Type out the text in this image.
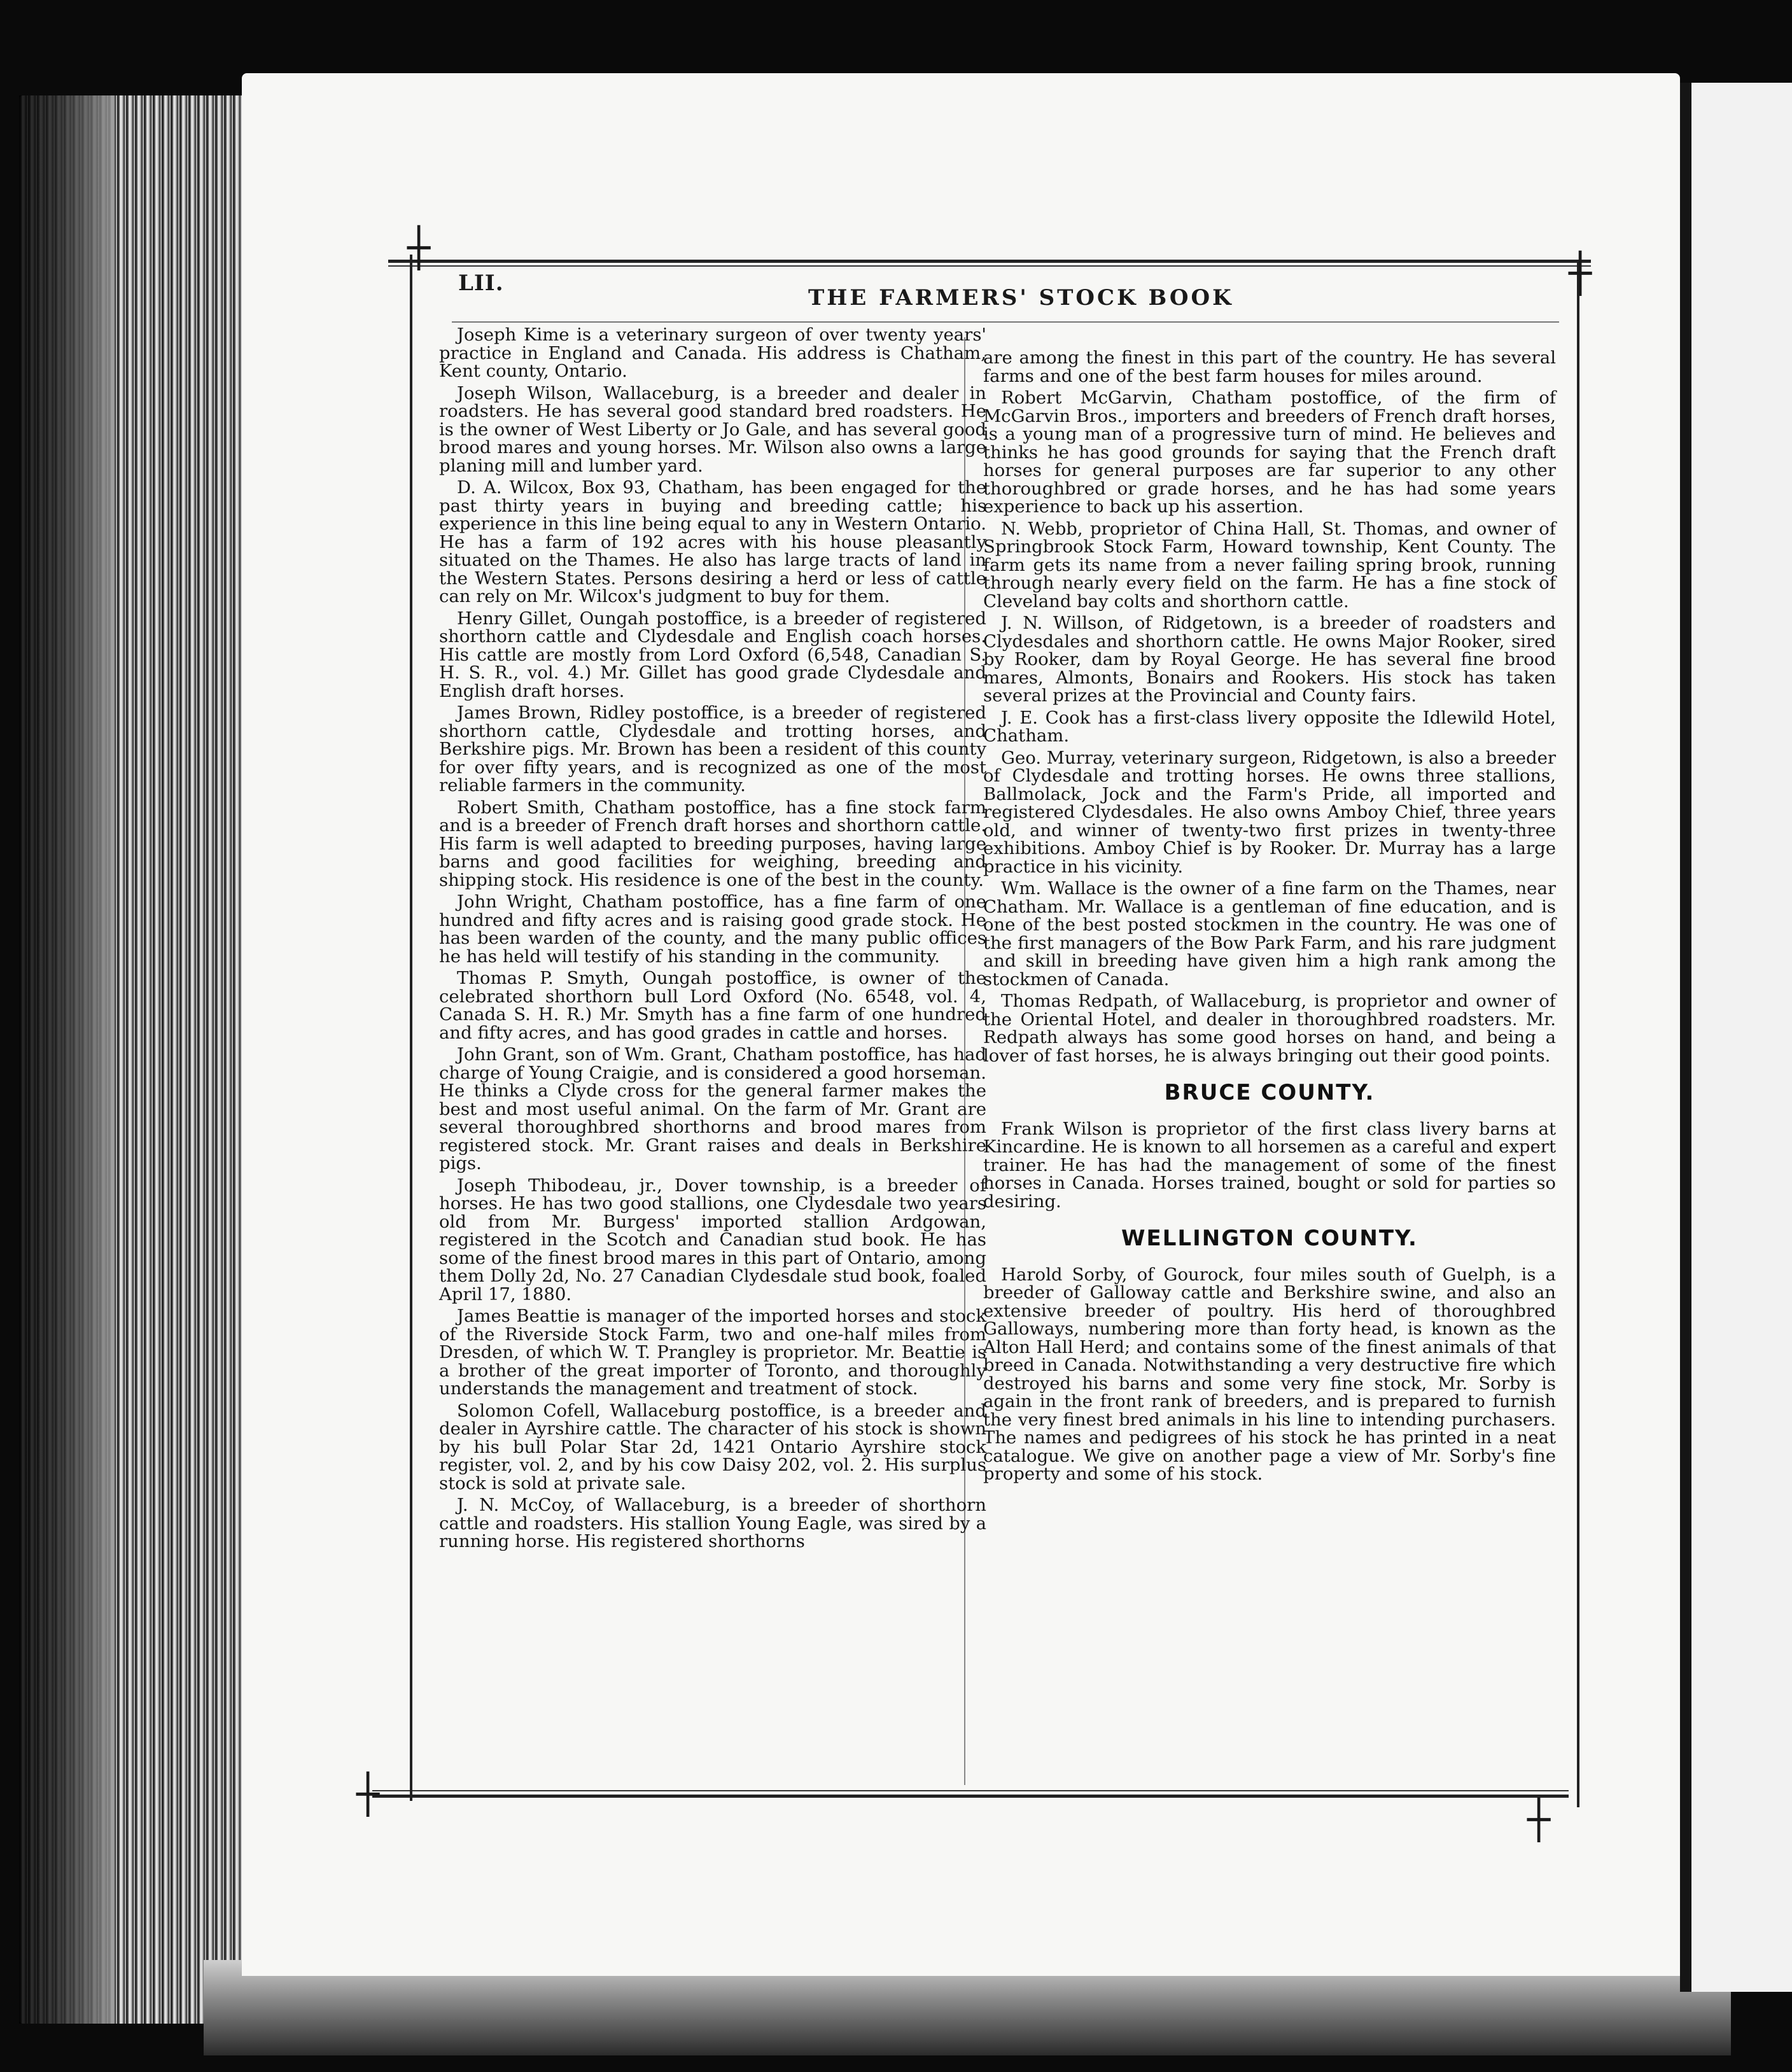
┼
┼
┼
┼
LII.
THE FARMERS' STOCK BOOK

Joseph Kime is a veterinary surgeon of over twenty years' practice in England and Canada. His address is Chatham, Kent county, Ontario.

Joseph Wilson, Wallaceburg, is a breeder and dealer in roadsters. He has several good standard bred roadsters. He is the owner of West Liberty or Jo Gale, and has several good brood mares and young horses. Mr. Wilson also owns a large planing mill and lumber yard.

D. A. Wilcox, Box 93, Chatham, has been engaged for the past thirty years in buying and breeding cattle; his experience in this line being equal to any in Western Ontario. He has a farm of 192 acres with his house pleasantly situated on the Thames. He also has large tracts of land in the Western States. Persons desiring a herd or less of cattle can rely on Mr. Wilcox's judgment to buy for them.

Henry Gillet, Oungah postoffice, is a breeder of registered shorthorn cattle and Clydesdale and English coach horses. His cattle are mostly from Lord Oxford (6,548, Canadian S. H. S. R., vol. 4.) Mr. Gillet has good grade Clydesdale and English draft horses.

James Brown, Ridley postoffice, is a breeder of registered shorthorn cattle, Clydesdale and trotting horses, and Berkshire pigs. Mr. Brown has been a resident of this county for over fifty years, and is recognized as one of the most reliable farmers in the community.

Robert Smith, Chatham postoffice, has a fine stock farm and is a breeder of French draft horses and shorthorn cattle. His farm is well adapted to breeding purposes, having large barns and good facilities for weighing, breeding and shipping stock. His residence is one of the best in the county.

John Wright, Chatham postoffice, has a fine farm of one hundred and fifty acres and is raising good grade stock. He has been warden of the county, and the many public offices he has held will testify of his standing in the community.

Thomas P. Smyth, Oungah postoffice, is owner of the celebrated shorthorn bull Lord Oxford (No. 6548, vol. 4, Canada S. H. R.) Mr. Smyth has a fine farm of one hundred and fifty acres, and has good grades in cattle and horses.

John Grant, son of Wm. Grant, Chatham postoffice, has had charge of Young Craigie, and is considered a good horseman. He thinks a Clyde cross for the general farmer makes the best and most useful animal. On the farm of Mr. Grant are several thoroughbred shorthorns and brood mares from registered stock. Mr. Grant raises and deals in Berkshire pigs.

Joseph Thibodeau, jr., Dover township, is a breeder of horses. He has two good stallions, one Clydesdale two years old from Mr. Burgess' imported stallion Ardgowan, registered in the Scotch and Canadian stud book. He has some of the finest brood mares in this part of Ontario, among them Dolly 2d, No. 27 Canadian Clydesdale stud book, foaled April 17, 1880.

James Beattie is manager of the imported horses and stock of the Riverside Stock Farm, two and one-half miles from Dresden, of which W. T. Prangley is proprietor. Mr. Beattie is a brother of the great importer of Toronto, and thoroughly understands the management and treatment of stock.

Solomon Cofell, Wallaceburg postoffice, is a breeder and dealer in Ayrshire cattle. The character of his stock is shown by his bull Polar Star 2d, 1421 Ontario Ayrshire stock register, vol. 2, and by his cow Daisy 202, vol. 2. His surplus stock is sold at private sale.

J. N. McCoy, of Wallaceburg, is a breeder of shorthorn cattle and roadsters. His stallion Young Eagle, was sired by a running horse. His registered shorthorns

are among the finest in this part of the country. He has several farms and one of the best farm houses for miles around.

Robert McGarvin, Chatham postoffice, of the firm of McGarvin Bros., importers and breeders of French draft horses, is a young man of a progressive turn of mind. He believes and thinks he has good grounds for saying that the French draft horses for general purposes are far superior to any other thoroughbred or grade horses, and he has had some years experience to back up his assertion.

N. Webb, proprietor of China Hall, St. Thomas, and owner of Springbrook Stock Farm, Howard township, Kent County. The farm gets its name from a never failing spring brook, running through nearly every field on the farm. He has a fine stock of Cleveland bay colts and shorthorn cattle.

J. N. Willson, of Ridgetown, is a breeder of roadsters and Clydesdales and shorthorn cattle. He owns Major Rooker, sired by Rooker, dam by Royal George. He has several fine brood mares, Almonts, Bonairs and Rookers. His stock has taken several prizes at the Provincial and County fairs.

J. E. Cook has a first-class livery opposite the Idlewild Hotel, Chatham.

Geo. Murray, veterinary surgeon, Ridgetown, is also a breeder of Clydesdale and trotting horses. He owns three stallions, Ballmolack, Jock and the Farm's Pride, all imported and registered Clydesdales. He also owns Amboy Chief, three years old, and winner of twenty-two first prizes in twenty-three exhibitions. Amboy Chief is by Rooker. Dr. Murray has a large practice in his vicinity.

Wm. Wallace is the owner of a fine farm on the Thames, near Chatham. Mr. Wallace is a gentleman of fine education, and is one of the best posted stockmen in the country. He was one of the first managers of the Bow Park Farm, and his rare judgment and skill in breeding have given him a high rank among the stockmen of Canada.

Thomas Redpath, of Wallaceburg, is proprietor and owner of the Oriental Hotel, and dealer in thoroughbred roadsters. Mr. Redpath always has some good horses on hand, and being a lover of fast horses, he is always bringing out their good points.

BRUCE COUNTY.

Frank Wilson is proprietor of the first class livery barns at Kincardine. He is known to all horsemen as a careful and expert trainer. He has had the management of some of the finest horses in Canada. Horses trained, bought or sold for parties so desiring.

WELLINGTON COUNTY.

Harold Sorby, of Gourock, four miles south of Guelph, is a breeder of Galloway cattle and Berkshire swine, and also an extensive breeder of poultry. His herd of thoroughbred Galloways, numbering more than forty head, is known as the Alton Hall Herd; and contains some of the finest animals of that breed in Canada. Notwithstanding a very destructive fire which destroyed his barns and some very fine stock, Mr. Sorby is again in the front rank of breeders, and is prepared to furnish the very finest bred animals in his line to intending purchasers. The names and pedigrees of his stock he has printed in a neat catalogue. We give on another page a view of Mr. Sorby's fine property and some of his stock.
